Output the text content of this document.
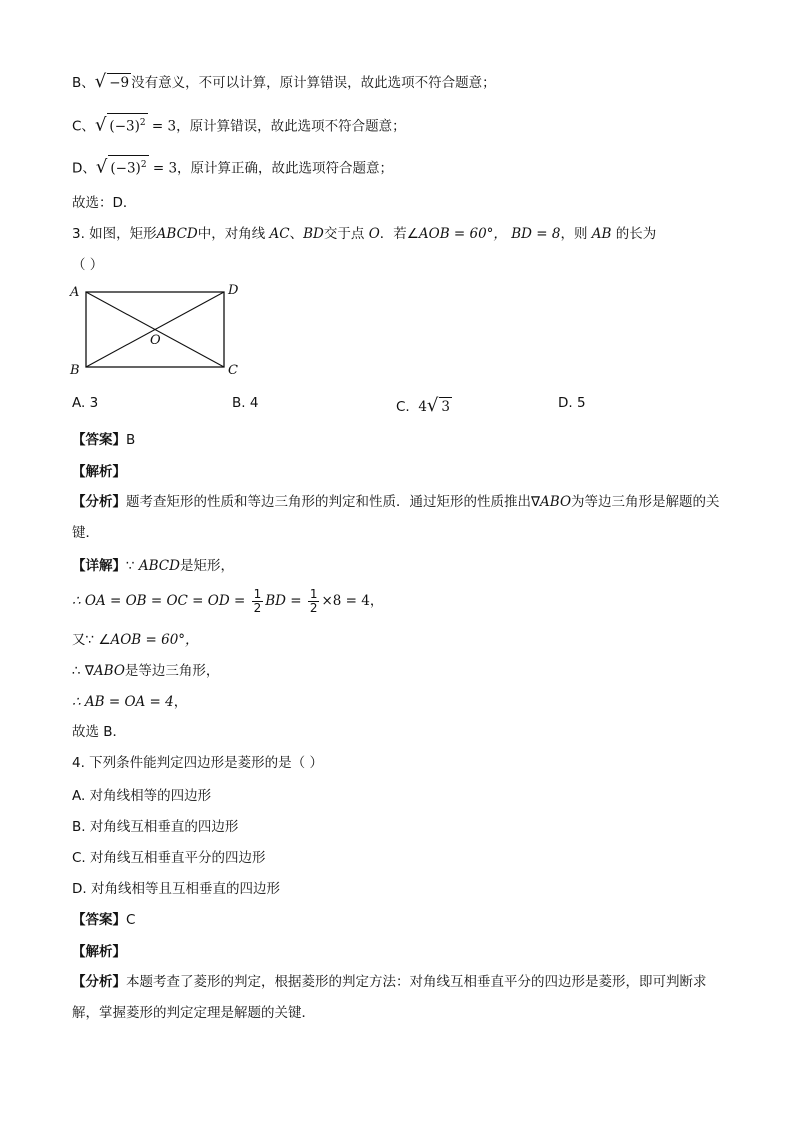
B、√ −9 没有意义，不可以计算，原计算错误，故此选项不符合题意；
C、√ $(-3)^2 = 3$，原计算错误，故此选项不符合题意；
D、√ $(-3)^2 = 3$，原计算正确，故此选项符合题意；
故选：D．
3. 如图，矩形ABCD中，对角线 AC、BD交于点 O．若∠AOB = 60°， BD = 8，则 AB 的长为
（ ）
A	D
B	C
O
A. 3	B. 4	C. 4√ 3	D. 5
【答案】B
【解析】
【分析】题考查矩形的性质和等边三角形的判定和性质．通过矩形的性质推出∇ABO为等边三角形是解题的关键．
【详解】∵ ABCD是矩形，
∴ OA = OB = OC = OD = $\frac{1}{2}$ BD = $\frac{1}{2} \times 8 = 4$，
又∵ ∠AOB = 60°，
∴ ∇ABO是等边三角形，
∴ AB = OA = 4，
故选 B．
4. 下列条件能判定四边形是菱形的是（ ）
A. 对角线相等的四边形
B. 对角线互相垂直的四边形
C. 对角线互相垂直平分的四边形
D. 对角线相等且互相垂直的四边形
【答案】C
【解析】
【分析】本题考查了菱形的判定，根据菱形的判定方法：对角线互相垂直平分的四边形是菱形，即可判断求解，掌握菱形的判定定理是解题的关键．
